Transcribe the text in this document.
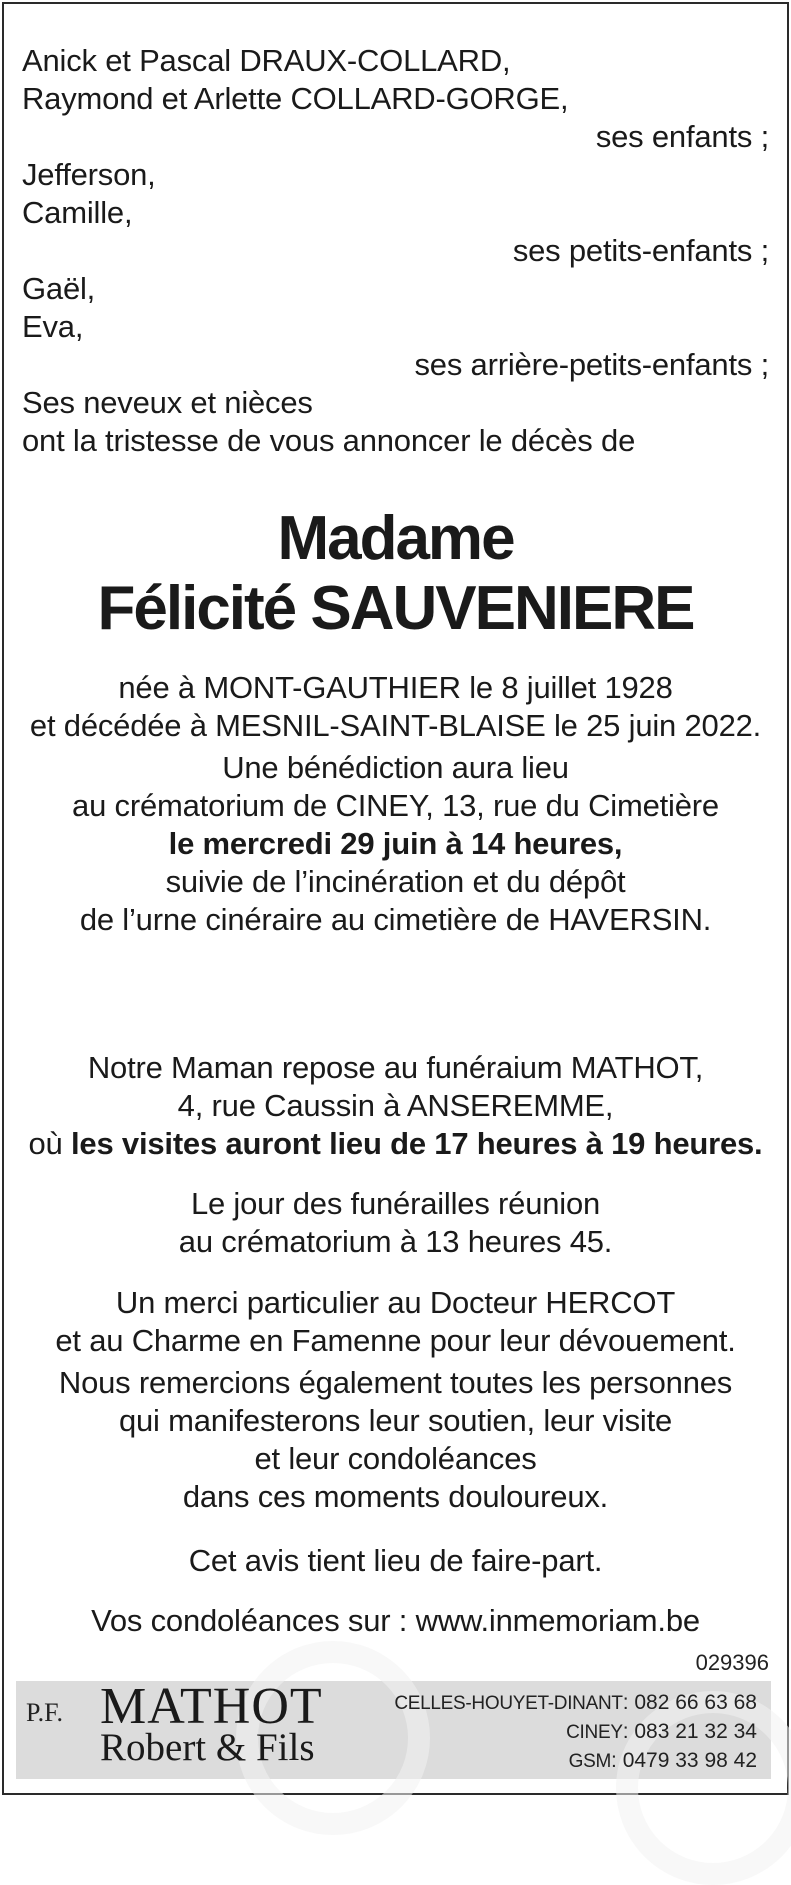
Anick et Pascal DRAUX-COLLARD,
Raymond et Arlette COLLARD-GORGE,
ses enfants ;
Jefferson,
Camille,
ses petits-enfants ;
Gaël,
Eva,
ses arrière-petits-enfants ;
Ses neveux et nièces
ont la tristesse de vous annoncer le décès de
Madame
Félicité SAUVENIERE
née à MONT-GAUTHIER le 8 juillet 1928
et décédée à MESNIL-SAINT-BLAISE le 25 juin 2022.
Une bénédiction aura lieu
au crématorium de CINEY, 13, rue du Cimetière
le mercredi 29 juin à 14 heures,
suivie de l’incinération et du dépôt
de l’urne cinéraire au cimetière de HAVERSIN.
Notre Maman repose au funéraium MATHOT,
4, rue Caussin à ANSEREMME,
où les visites auront lieu de 17 heures à 19 heures.
Le jour des funérailles réunion
au crématorium à 13 heures 45.
Un merci particulier au Docteur HERCOT
et au Charme en Famenne pour leur dévouement.
Nous remercions également toutes les personnes
qui manifesterons leur soutien, leur visite
et leur condoléances
dans ces moments douloureux.
Cet avis tient lieu de faire-part.
Vos condoléances sur : www.inmemoriam.be
029396
P.F. MATHOT
Robert & Fils
CELLES-HOUYET-DINANT: 082 66 63 68
CINEY: 083 21 32 34
GSM: 0479 33 98 42
